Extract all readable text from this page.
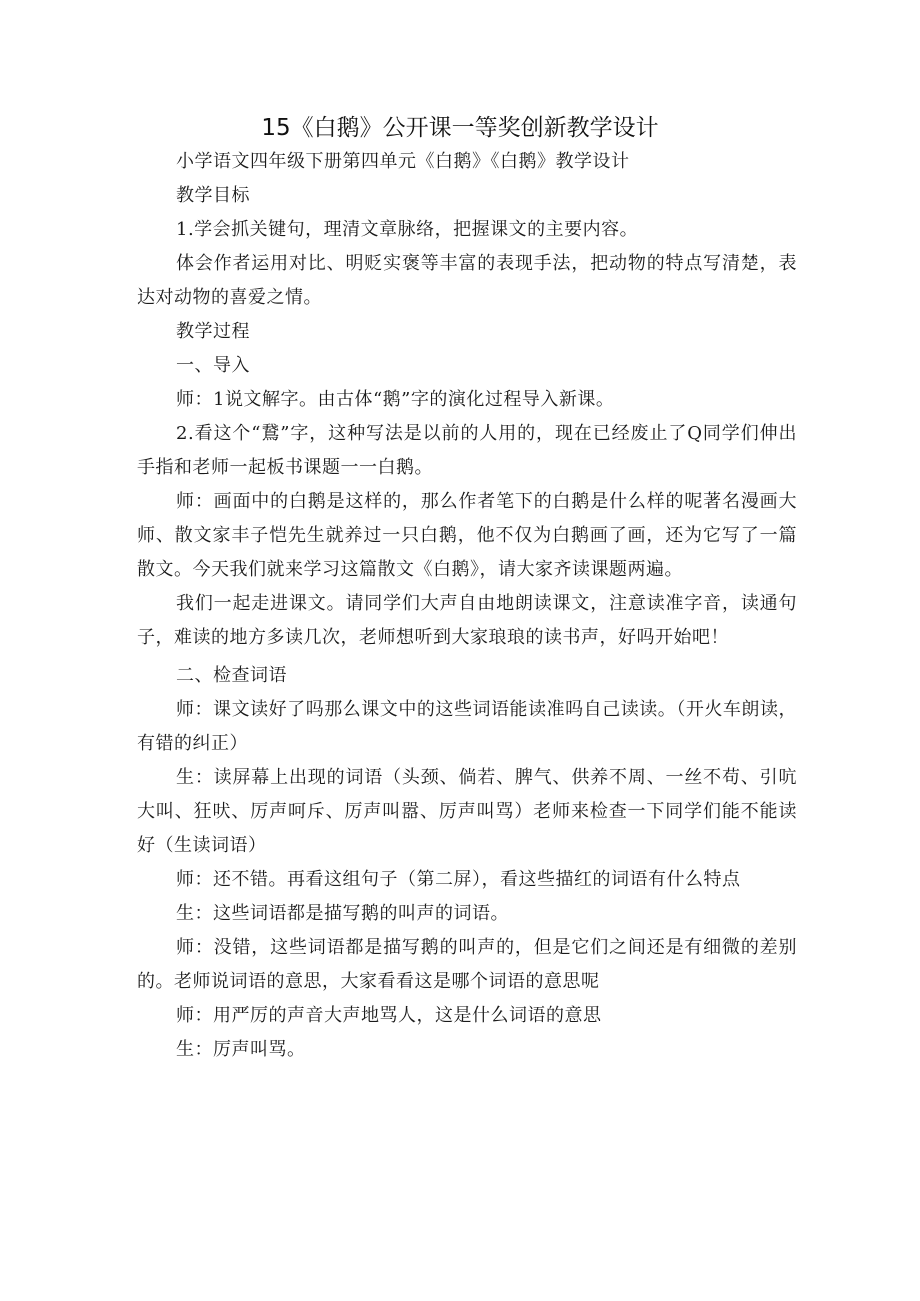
15《白鹅》公开课一等奖创新教学设计

小学语文四年级下册第四单元《白鹅》《白鹅》教学设计

教学目标

1.学会抓关键句，理清文章脉络，把握课文的主要内容。

体会作者运用对比、明贬实褒等丰富的表现手法，把动物的特点写清楚，表达对动物的喜爱之情。

教学过程

一、导入

师：1说文解字。由古体“鹅”字的演化过程导入新课。

2.看这个“鵞”字，这种写法是以前的人用的，现在已经废止了Q同学们伸出手指和老师一起板书课题一一白鹅。

师：画面中的白鹅是这样的，那么作者笔下的白鹅是什么样的呢著名漫画大师、散文家丰子恺先生就养过一只白鹅，他不仅为白鹅画了画，还为它写了一篇散文。今天我们就来学习这篇散文《白鹅》，请大家齐读课题两遍。

我们一起走进课文。请同学们大声自由地朗读课文，注意读准字音，读通句子，难读的地方多读几次，老师想听到大家琅琅的读书声，好吗开始吧！

二、检查词语

师：课文读好了吗那么课文中的这些词语能读准吗自己读读。（开火车朗读，有错的纠正）

生：读屏幕上出现的词语（头颈、倘若、脾气、供养不周、一丝不苟、引吭大叫、狂吠、厉声呵斥、厉声叫嚣、厉声叫骂）老师来检查一下同学们能不能读好（生读词语）

师：还不错。再看这组句子（第二屏），看这些描红的词语有什么特点

生：这些词语都是描写鹅的叫声的词语。

师：没错，这些词语都是描写鹅的叫声的，但是它们之间还是有细微的差别的。老师说词语的意思，大家看看这是哪个词语的意思呢

师：用严厉的声音大声地骂人，这是什么词语的意思

生：厉声叫骂。
